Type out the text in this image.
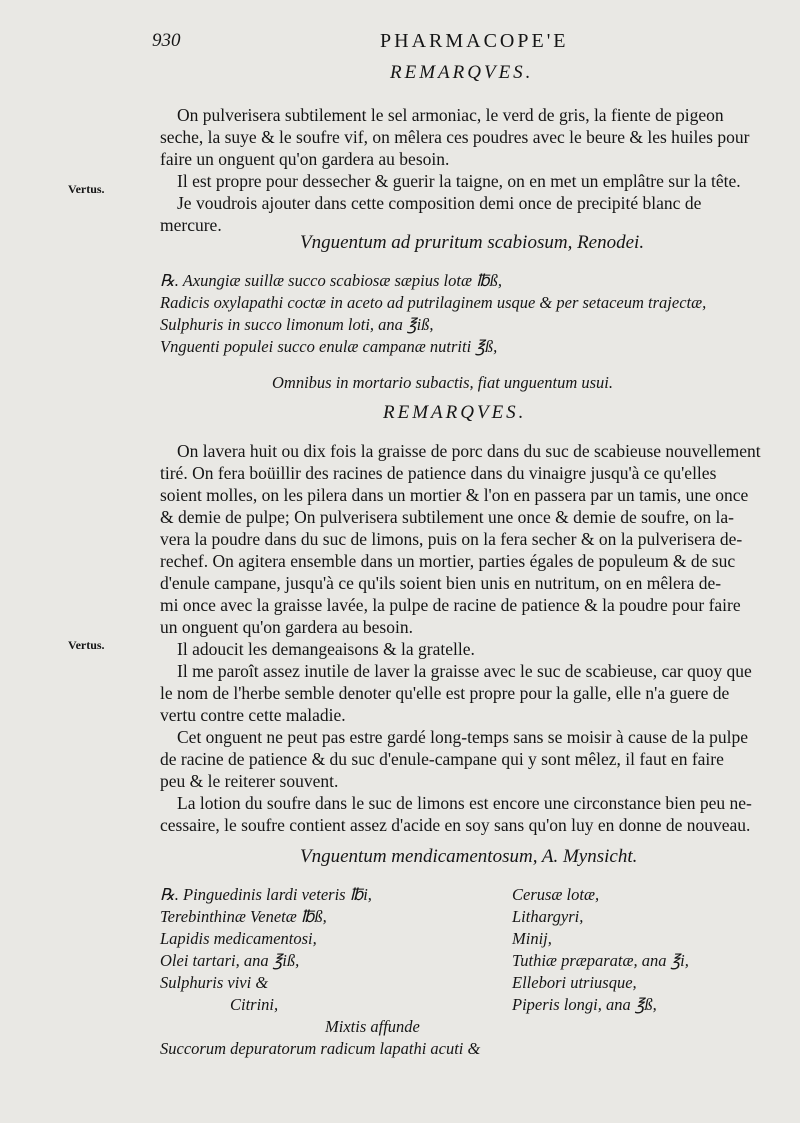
930	PHARMACOPE'E
REMARQVES.
On pulverisera subtilement le sel armoniac, le verd de gris, la fiente de pigeon
seche, la suye & le soufre vif, on mêlera ces poudres avec le beure & les huiles pour
faire un onguent qu'on gardera au besoin.
Il est propre pour dessecher & guerir la taigne, on en met un emplâtre sur la tête.
Je voudrois ajouter dans cette composition demi once de precipité blanc de
mercure.
Vertus.
Vnguentum ad pruritum scabiosum, Renodei.
℞. Axungiæ suillæ succo scabiosæ sæpius lotæ ℔ß,
Radicis oxylapathi coctæ in aceto ad putrilaginem usque & per setaceum trajectæ,
Sulphuris in succo limonum loti, ana ℥iß,
Vnguenti populei succo enulæ campanæ nutriti ℥ß,
Omnibus in mortario subactis, fiat unguentum usui.
REMARQVES.
On lavera huit ou dix fois la graisse de porc dans du suc de scabieuse nouvellement
tiré. On fera boüillir des racines de patience dans du vinaigre jusqu'à ce qu'elles
soient molles, on les pilera dans un mortier & l'on en passera par un tamis, une once
& demie de pulpe; On pulverisera subtilement une once & demie de soufre, on la-
vera la poudre dans du suc de limons, puis on la fera secher & on la pulverisera de-
rechef. On agitera ensemble dans un mortier, parties égales de populeum & de suc
d'enule campane, jusqu'à ce qu'ils soient bien unis en nutritum, on en mêlera de-
mi once avec la graisse lavée, la pulpe de racine de patience & la poudre pour faire
un onguent qu'on gardera au besoin.
Il adoucit les demangeaisons & la gratelle.
Il me paroît assez inutile de laver la graisse avec le suc de scabieuse, car quoy que
le nom de l'herbe semble denoter qu'elle est propre pour la galle, elle n'a guere de
vertu contre cette maladie.
Cet onguent ne peut pas estre gardé long-temps sans se moisir à cause de la pulpe
de racine de patience & du suc d'enule-campane qui y sont mêlez, il faut en faire
peu & le reiterer souvent.
La lotion du soufre dans le suc de limons est encore une circonstance bien peu ne-
cessaire, le soufre contient assez d'acide en soy sans qu'on luy en donne de nouveau.
Vertus.
Vnguentum mendicamentosum, A. Mynsicht.
℞. Pinguedinis lardi veteris ℔i,
Terebinthinæ Venetæ ℔ß,
Lapidis medicamentosi,
Olei tartari, ana ℥iß,
Sulphuris vivi &
Citrini,
Cerusæ lotæ,
Lithargyri,
Minij,
Tuthiæ præparatæ, ana ℥i,
Ellebori utriusque,
Piperis longi, ana ℥ß,
Mixtis affunde
Succorum depuratorum radicum lapathi acuti &
